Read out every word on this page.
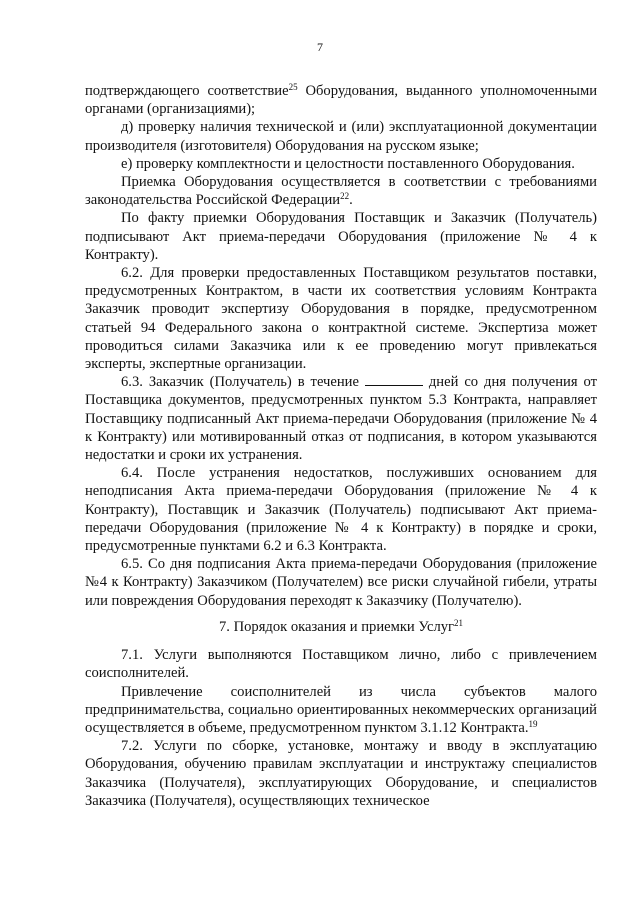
7

подтверждающего соответствие$^{25}$ Оборудования, выданного уполномоченными органами (организациями);

д) проверку наличия технической и (или) эксплуатационной документации производителя (изготовителя) Оборудования на русском языке;

е) проверку комплектности и целостности поставленного Оборудования.

Приемка Оборудования осуществляется в соответствии с требованиями законодательства Российской Федерации$^{22}$.

По факту приемки Оборудования Поставщик и Заказчик (Получатель) подписывают Акт приема-передачи Оборудования (приложение № 4 к Контракту).

6.2. Для проверки предоставленных Поставщиком результатов поставки, предусмотренных Контрактом, в части их соответствия условиям Контракта Заказчик проводит экспертизу Оборудования в порядке, предусмотренном статьей 94 Федерального закона о контрактной системе. Экспертиза может проводиться силами Заказчика или к ее проведению могут привлекаться эксперты, экспертные организации.

6.3. Заказчик (Получатель) в течение	дней со дня получения от Поставщика документов, предусмотренных пунктом 5.3 Контракта, направляет Поставщику подписанный Акт приема-передачи Оборудования (приложение № 4 к Контракту) или мотивированный отказ от подписания, в котором указываются недостатки и сроки их устранения.

6.4. После устранения недостатков, послуживших основанием для неподписания Акта приема-передачи Оборудования (приложение № 4 к Контракту), Поставщик и Заказчик (Получатель) подписывают Акт приема-передачи Оборудования (приложение № 4 к Контракту) в порядке и сроки, предусмотренные пунктами 6.2 и 6.3 Контракта.

6.5. Со дня подписания Акта приема-передачи Оборудования (приложение №4 к Контракту) Заказчиком (Получателем) все риски случайной гибели, утраты или повреждения Оборудования переходят к Заказчику (Получателю).

7. Порядок оказания и приемки Услуг$^{21}$

7.1. Услуги выполняются Поставщиком лично, либо с привлечением соисполнителей.

Привлечение соисполнителей из числа субъектов малого предпринимательства, социально ориентированных некоммерческих организаций осуществляется в объеме, предусмотренном пунктом 3.1.12 Контракта.$^{19}$

7.2. Услуги по сборке, установке, монтажу и вводу в эксплуатацию Оборудования, обучению правилам эксплуатации и инструктажу специалистов Заказчика (Получателя), эксплуатирующих Оборудование, и специалистов Заказчика (Получателя), осуществляющих техническое
